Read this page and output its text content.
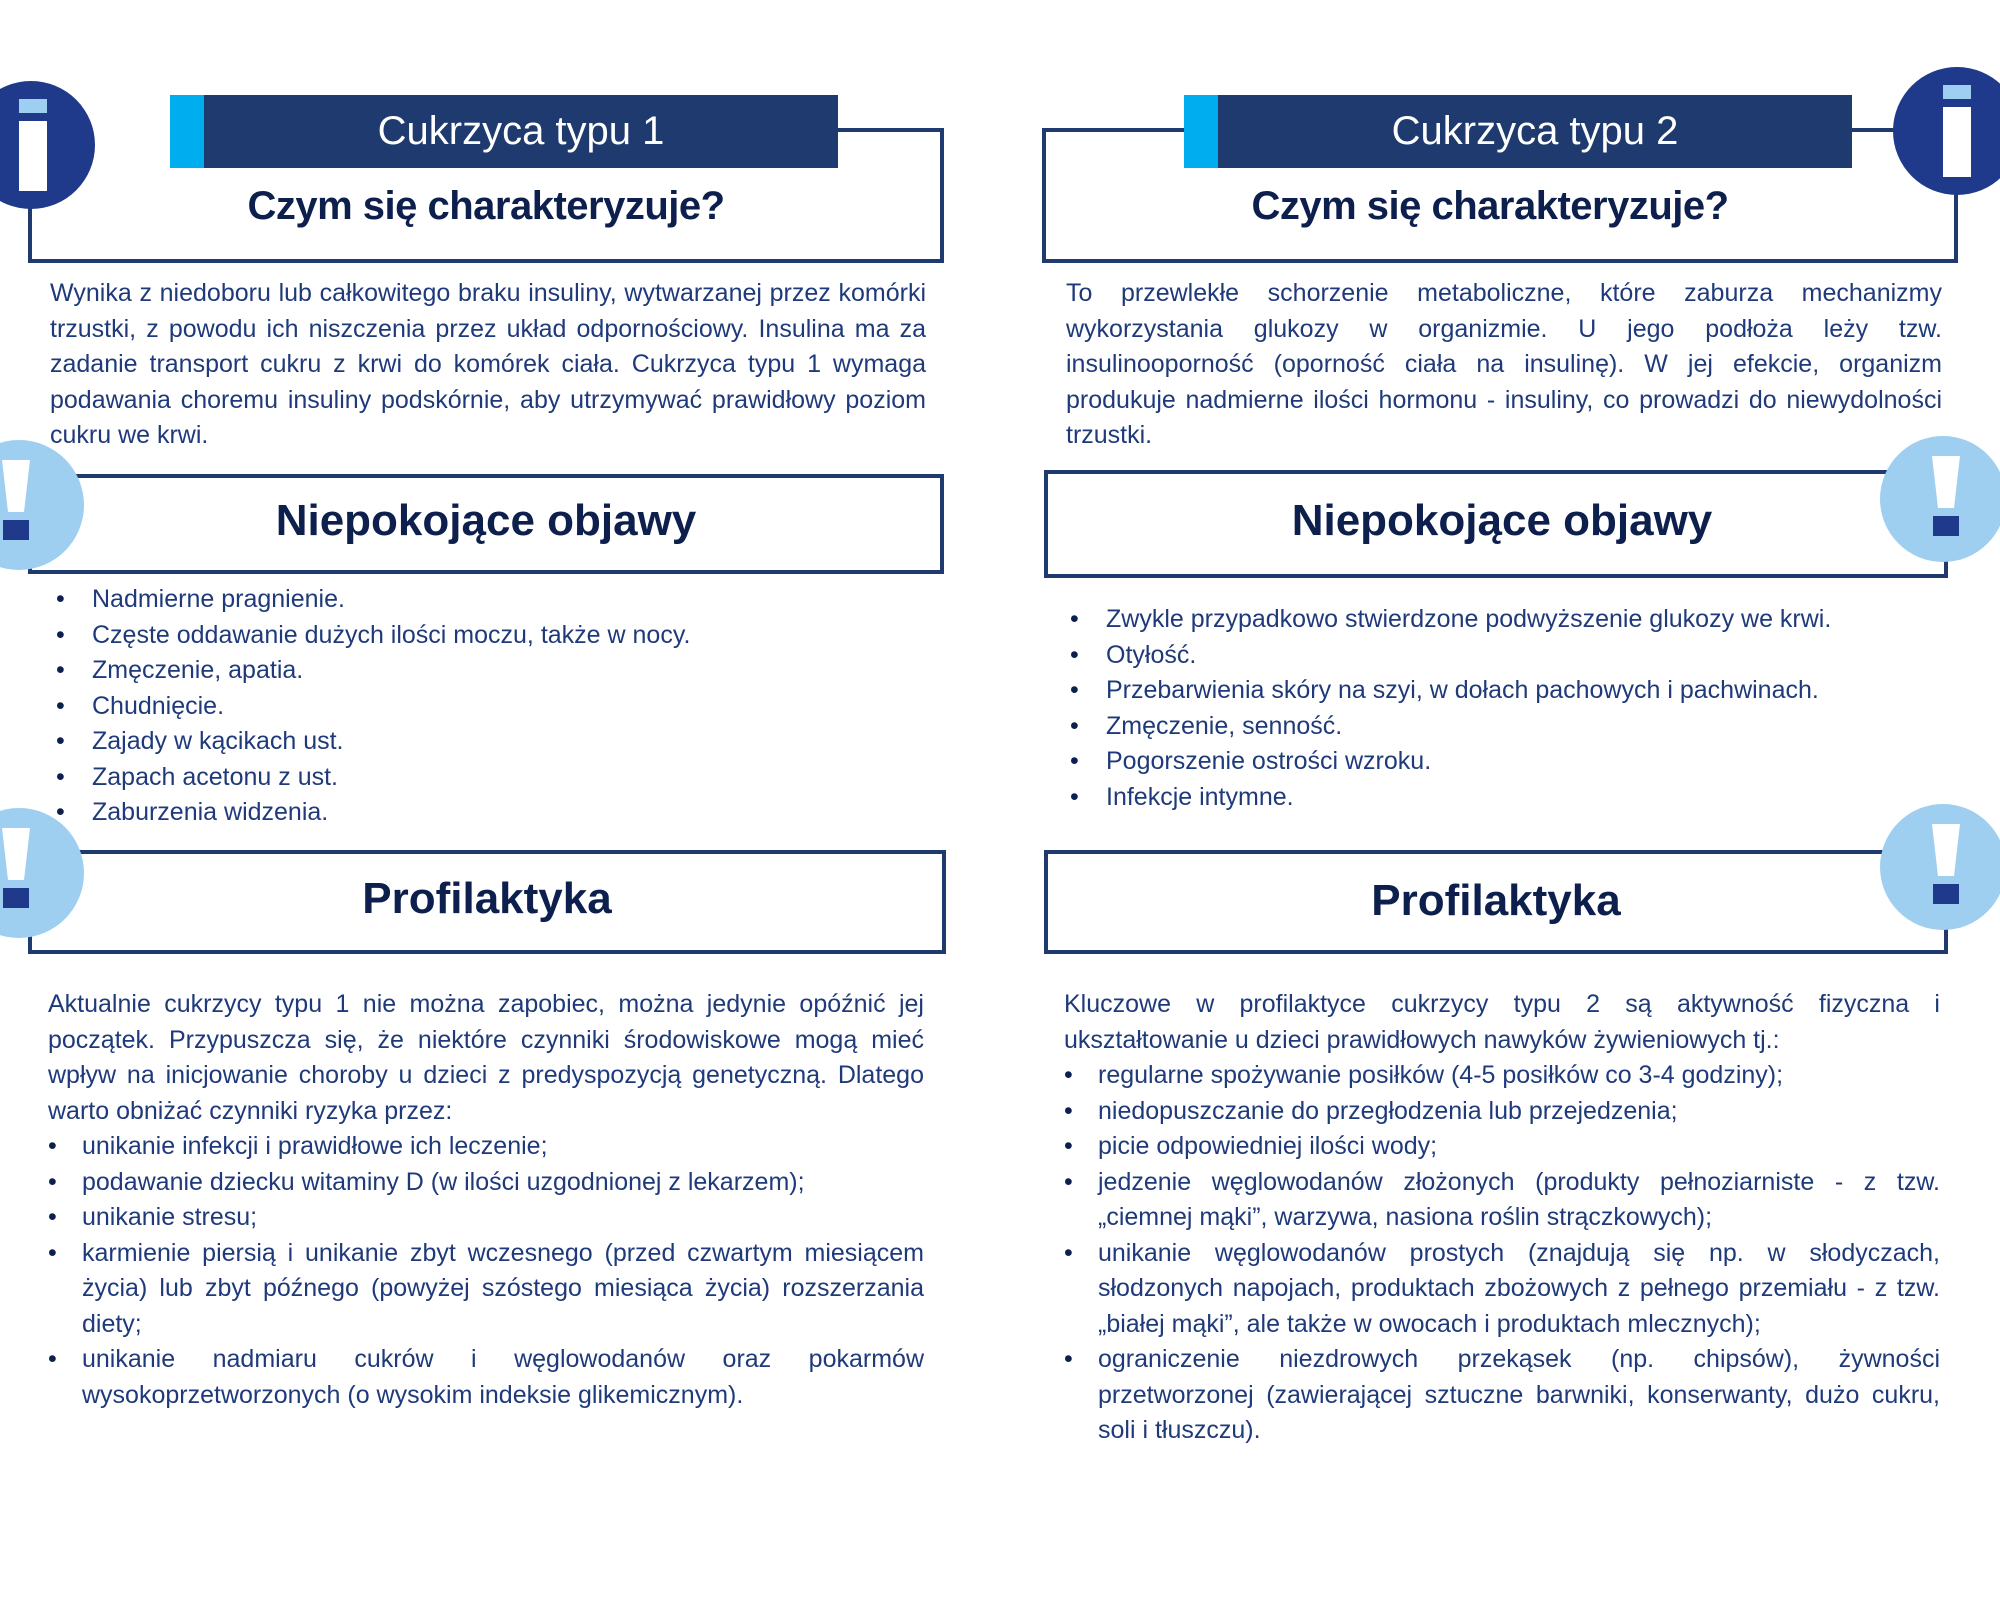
Cukrzyca typu 1
Czym się charakteryzuje?
Wynika z niedoboru lub całkowitego braku insuliny, wytwarzanej przez komórki trzustki, z powodu ich niszczenia przez układ odpornościowy. Insulina ma za zadanie transport cukru z krwi do komórek ciała. Cukrzyca typu 1 wymaga podawania choremu insuliny podskórnie, aby utrzymywać prawidłowy poziom cukru we krwi.
Niepokojące objawy
• Nadmierne pragnienie.
• Częste oddawanie dużych ilości moczu, także w nocy.
• Zmęczenie, apatia.
• Chudnięcie.
• Zajady w kącikach ust.
• Zapach acetonu z ust.
• Zaburzenia widzenia.
Profilaktyka
Aktualnie cukrzycy typu 1 nie można zapobiec, można jedynie opóźnić jej początek. Przypuszcza się, że niektóre czynniki środowiskowe mogą mieć wpływ na inicjowanie choroby u dzieci z predyspozycją genetyczną. Dlatego warto obniżać czynniki ryzyka przez:
• unikanie infekcji i prawidłowe ich leczenie;
• podawanie dziecku witaminy D (w ilości uzgodnionej z lekarzem);
• unikanie stresu;
• karmienie piersią i unikanie zbyt wczesnego (przed czwartym miesiącem życia) lub zbyt późnego (powyżej szóstego miesiąca życia) rozszerzania diety;
• unikanie nadmiaru cukrów i węglowodanów oraz pokarmów wysokoprzetworzonych (o wysokim indeksie glikemicznym).
Cukrzyca typu 2
Czym się charakteryzuje?
To przewlekłe schorzenie metaboliczne, które zaburza mechanizmy wykorzystania glukozy w organizmie. U jego podłoża leży tzw. insulinooporność (oporność ciała na insulinę). W jej efekcie, organizm produkuje nadmierne ilości hormonu - insuliny, co prowadzi do niewydolności trzustki.
Niepokojące objawy
• Zwykle przypadkowo stwierdzone podwyższenie glukozy we krwi.
• Otyłość.
• Przebarwienia skóry na szyi, w dołach pachowych i pachwinach.
• Zmęczenie, senność.
• Pogorszenie ostrości wzroku.
• Infekcje intymne.
Profilaktyka
Kluczowe w profilaktyce cukrzycy typu 2 są aktywność fizyczna i ukształtowanie u dzieci prawidłowych nawyków żywieniowych tj.:
• regularne spożywanie posiłków (4-5 posiłków co 3-4 godziny);
• niedopuszczanie do przegłodzenia lub przejedzenia;
• picie odpowiedniej ilości wody;
• jedzenie węglowodanów złożonych (produkty pełnoziarniste - z tzw. „ciemnej mąki”, warzywa, nasiona roślin strączkowych);
• unikanie węglowodanów prostych (znajdują się np. w słodyczach, słodzonych napojach, produktach zbożowych z pełnego przemiału - z tzw. „białej mąki”, ale także w owocach i produktach mlecznych);
• ograniczenie niezdrowych przekąsek (np. chipsów), żywności przetworzonej (zawierającej sztuczne barwniki, konserwanty, dużo cukru, soli i tłuszczu).
